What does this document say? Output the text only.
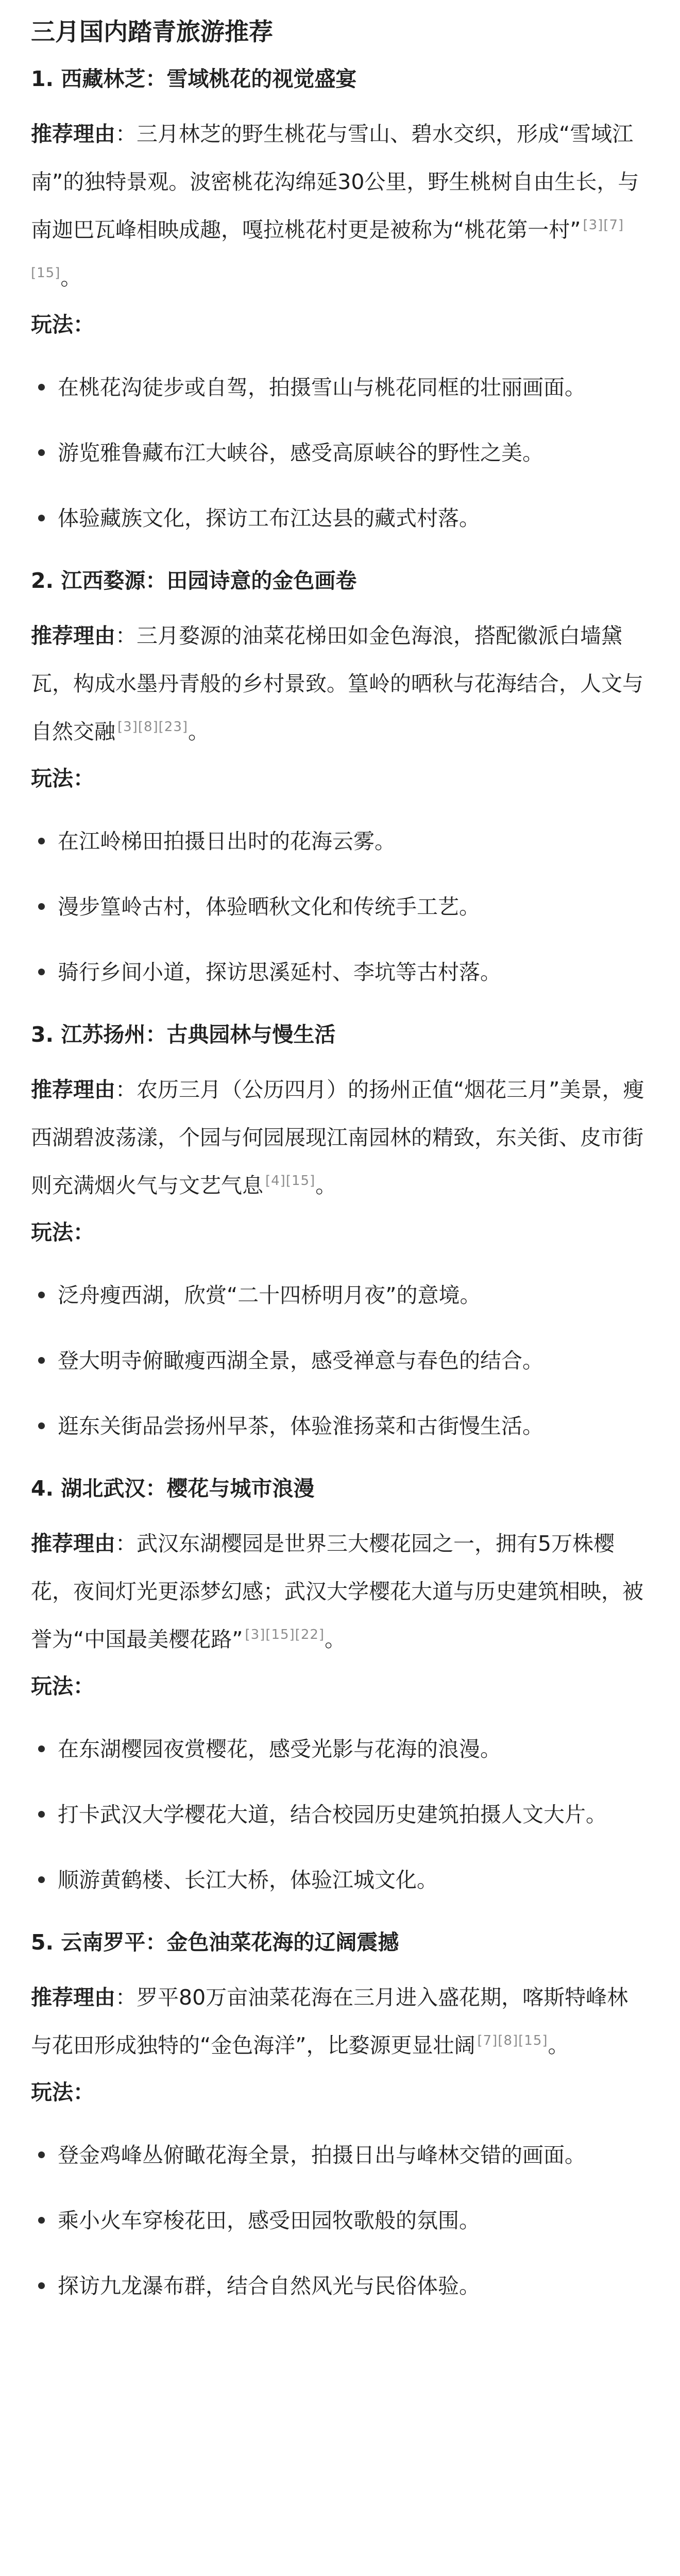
三月国内踏青旅游推荐
1. 西藏林芝：雪域桃花的视觉盛宴
推荐理由：三月林芝的野生桃花与雪山、碧水交织，形成“雪域江南”的独特景观。波密桃花沟绵延30公里，野生桃树自由生长，与南迦巴瓦峰相映成趣，嘎拉桃花村更是被称为“桃花第一村” [3][7][15]。
玩法：
在桃花沟徒步或自驾，拍摄雪山与桃花同框的壮丽画面。
游览雅鲁藏布江大峡谷，感受高原峡谷的野性之美。
体验藏族文化，探访工布江达县的藏式村落。
2. 江西婺源：田园诗意的金色画卷
推荐理由：三月婺源的油菜花梯田如金色海浪，搭配徽派白墙黛瓦，构成水墨丹青般的乡村景致。篁岭的晒秋与花海结合，人文与自然交融 [3][8][23]。
玩法：
在江岭梯田拍摄日出时的花海云雾。
漫步篁岭古村，体验晒秋文化和传统手工艺。
骑行乡间小道，探访思溪延村、李坑等古村落。
3. 江苏扬州：古典园林与慢生活
推荐理由：农历三月（公历四月）的扬州正值“烟花三月”美景，瘦西湖碧波荡漾，个园与何园展现江南园林的精致，东关街、皮市街则充满烟火气与文艺气息 [4][15]。
玩法：
泛舟瘦西湖，欣赏“二十四桥明月夜”的意境。
登大明寺俯瞰瘦西湖全景，感受禅意与春色的结合。
逛东关街品尝扬州早茶，体验淮扬菜和古街慢生活。
4. 湖北武汉：樱花与城市浪漫
推荐理由：武汉东湖樱园是世界三大樱花园之一，拥有5万株樱花，夜间灯光更添梦幻感；武汉大学樱花大道与历史建筑相映，被誉为“中国最美樱花路” [3][15][22]。
玩法：
在东湖樱园夜赏樱花，感受光影与花海的浪漫。
打卡武汉大学樱花大道，结合校园历史建筑拍摄人文大片。
顺游黄鹤楼、长江大桥，体验江城文化。
5. 云南罗平：金色油菜花海的辽阔震撼
推荐理由：罗平80万亩油菜花海在三月进入盛花期，喀斯特峰林与花田形成独特的“金色海洋”，比婺源更显壮阔 [7][8][15]。
玩法：
登金鸡峰丛俯瞰花海全景，拍摄日出与峰林交错的画面。
乘小火车穿梭花田，感受田园牧歌般的氛围。
探访九龙瀑布群，结合自然风光与民俗体验。
